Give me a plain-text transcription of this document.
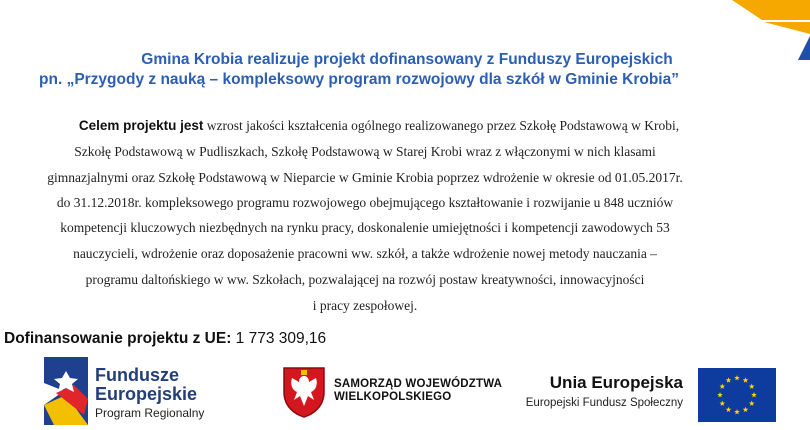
Gmina Krobia realizuje projekt dofinansowany z Funduszy Europejskich
pn. „Przygody z nauką – kompleksowy program rozwojowy dla szkół w Gminie Krobia”
Celem projektu jest wzrost jakości kształcenia ogólnego realizowanego przez Szkołę Podstawową w Krobi,
Szkołę Podstawową w Pudliszkach, Szkołę Podstawową w Starej Krobi wraz z włączonymi w nich klasami
gimnazjalnymi oraz Szkołę Podstawową w Nieparcie w Gminie Krobia poprzez wdrożenie w okresie od 01.05.2017r.
do 31.12.2018r. kompleksowego programu rozwojowego obejmującego kształtowanie i rozwijanie u 848 uczniów
kompetencji kluczowych niezbędnych na rynku pracy, doskonalenie umiejętności i kompetencji zawodowych 53
nauczycieli, wdrożenie oraz doposażenie pracowni ww. szkół, a także wdrożenie nowej metody nauczania –
programu daltońskiego w ww. Szkołach, pozwalającej na rozwój postaw kreatywności, innowacyjności
i pracy zespołowej.
Dofinansowanie projektu z UE: 1 773 309,16
Fundusze
Europejskie
Program Regionalny
SAMORZĄD WOJEWÓDZTWA
WIELKOPOLSKIEGO
Unia Europejska
Europejski Fundusz Społeczny
